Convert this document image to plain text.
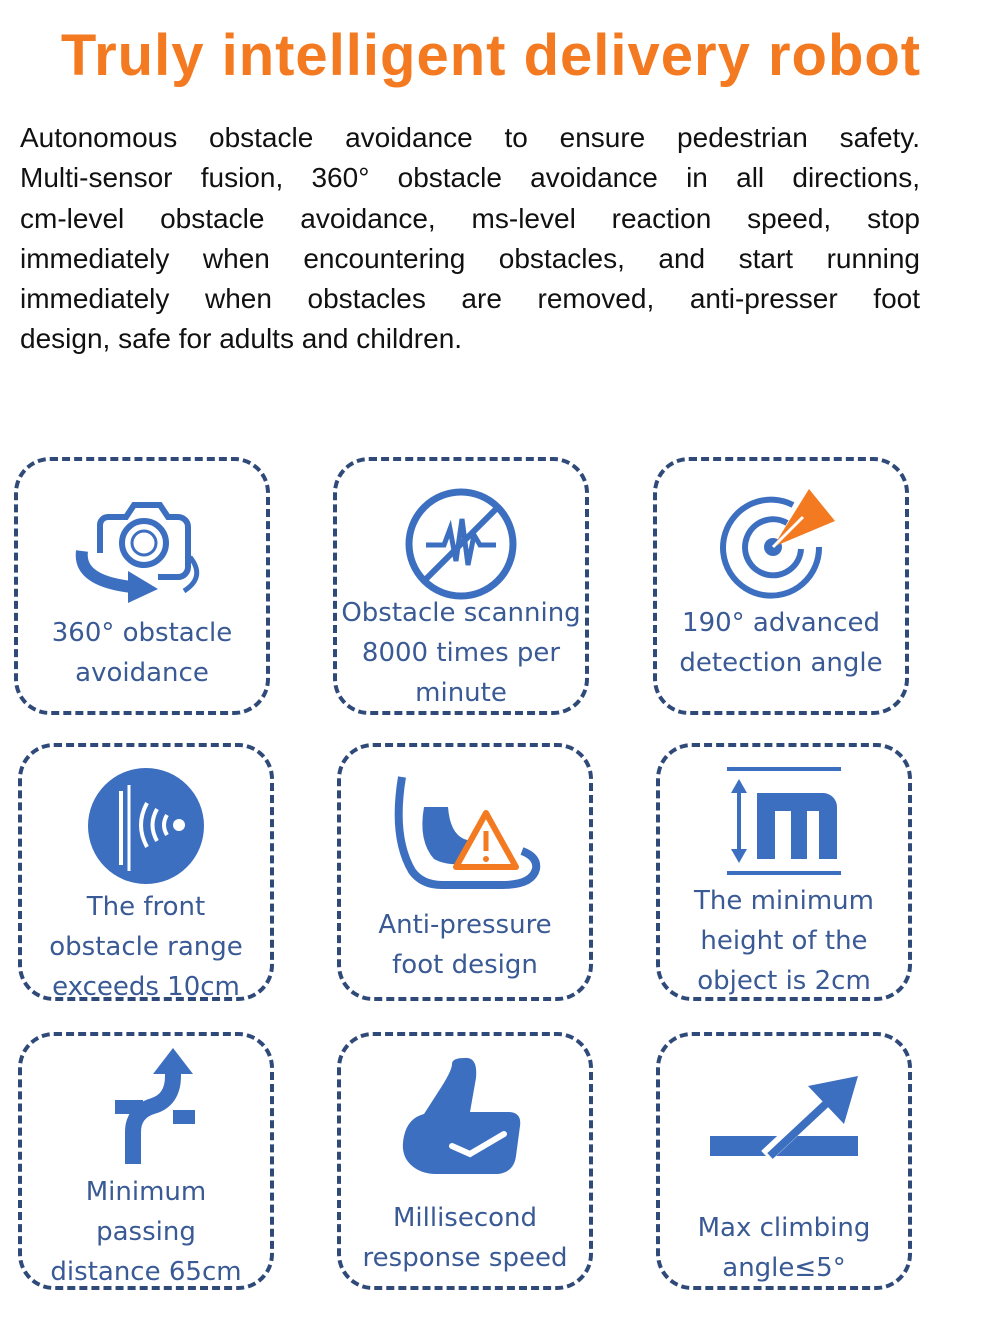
Truly intelligent delivery robot
Autonomous obstacle avoidance to ensure pedestrian safety.
Multi-sensor fusion, 360° obstacle avoidance in all directions,
cm-level obstacle avoidance, ms-level reaction speed, stop
immediately when encountering obstacles, and start running
immediately when obstacles are removed, anti-presser foot
design, safe for adults and children.
360° obstacle
avoidance
Obstacle scanning
8000 times per
minute
190° advanced
detection angle
The front
obstacle range
exceeds 10cm
Anti-pressure
foot design
The minimum
height of the
object is 2cm
Minimum
passing
distance 65cm
Millisecond
response speed
Max climbing
angle≤5°
